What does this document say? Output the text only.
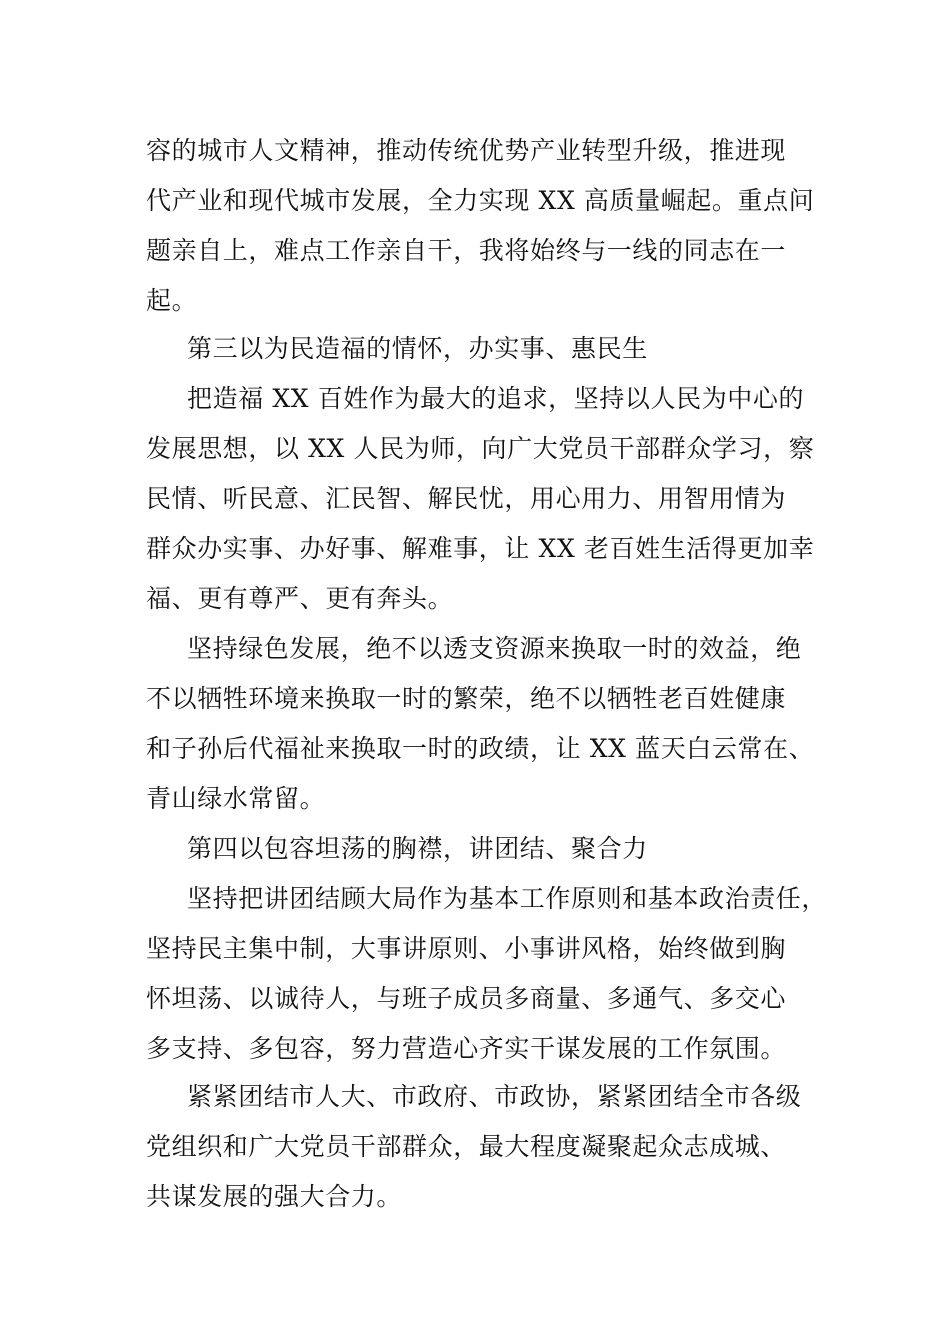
容的城市人文精神，推动传统优势产业转型升级，推进现
代产业和现代城市发展，全力实现 XX 高质量崛起。重点问
题亲自上，难点工作亲自干，我将始终与一线的同志在一
起。
第三以为民造福的情怀，办实事、惠民生
把造福 XX 百姓作为最大的追求，坚持以人民为中心的
发展思想，以 XX 人民为师，向广大党员干部群众学习，察
民情、听民意、汇民智、解民忧，用心用力、用智用情为
群众办实事、办好事、解难事，让 XX 老百姓生活得更加幸
福、更有尊严、更有奔头。
坚持绿色发展，绝不以透支资源来换取一时的效益，绝
不以牺牲环境来换取一时的繁荣，绝不以牺牲老百姓健康
和子孙后代福祉来换取一时的政绩，让 XX 蓝天白云常在、
青山绿水常留。
第四以包容坦荡的胸襟，讲团结、聚合力
坚持把讲团结顾大局作为基本工作原则和基本政治责任，
坚持民主集中制，大事讲原则、小事讲风格，始终做到胸
怀坦荡、以诚待人，与班子成员多商量、多通气、多交心
多支持、多包容，努力营造心齐实干谋发展的工作氛围。
紧紧团结市人大、市政府、市政协，紧紧团结全市各级
党组织和广大党员干部群众，最大程度凝聚起众志成城、
共谋发展的强大合力。
